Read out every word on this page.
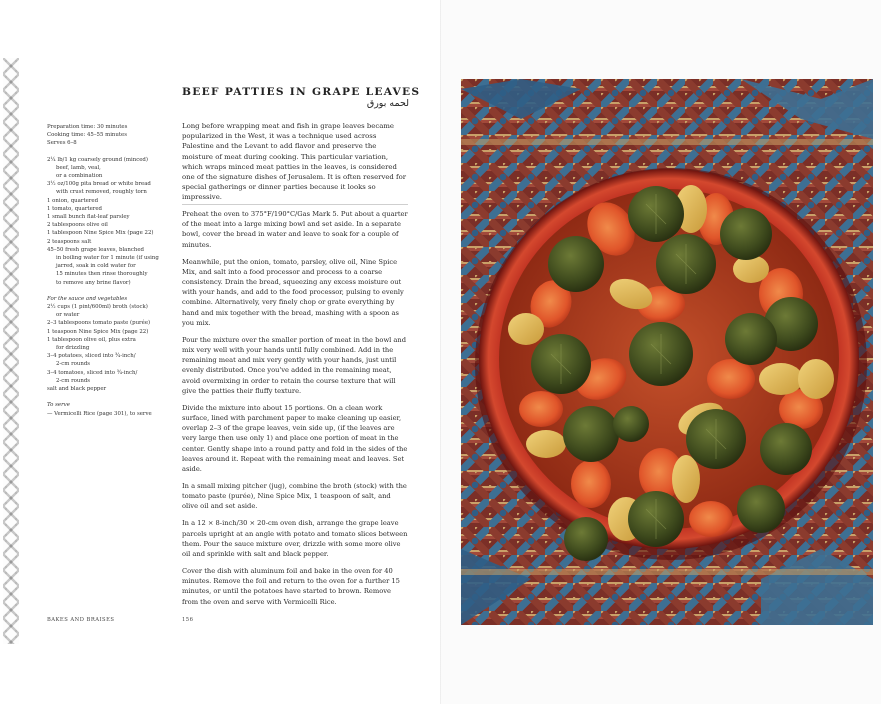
Preparation time: 30 minutes

Cooking time: 45–55 minutes

Serves 6–8

2¼ lb/1 kg coarsely ground (minced)

beef, lamb, veal,

or a combination

3½ oz/100g pita bread or white bread

with crust removed, roughly torn

1 onion, quartered

1 tomato, quartered

1 small bunch flat-leaf parsley

2 tablespoons olive oil

1 tablespoon Nine Spice Mix (page 22)

2 teaspoons salt

45–50 fresh grape leaves, blanched

in boiling water for 1 minute (if using

jarred, soak in cold water for

15 minutes then rinse thoroughly

to remove any brine flavor)

For the sauce and vegetables

2½ cups (1 pint/600ml) broth (stock)

or water

2–3 tablespoons tomato paste (purée)

1 teaspoon Nine Spice Mix (page 22)

1 tablespoon olive oil, plus extra

for drizzling

3–4 potatoes, sliced into ¾-inch/

2-cm rounds

3–4 tomatoes, sliced into ¾-inch/

2-cm rounds

salt and black pepper

To serve

— Vermicelli Rice (page 301), to serve

BEEF PATTIES IN GRAPE LEAVES

لحمه بورق

Long before wrapping meat and fish in grape leaves became popularized in the West, it was a technique used across Palestine and the Levant to add flavor and preserve the moisture of meat during cooking. This particular variation, which wraps minced meat patties in the leaves, is considered one of the signature dishes of Jerusalem. It is often reserved for special gatherings or dinner parties because it looks so impressive.

Preheat the oven to 375°F/190°C/Gas Mark 5. Put about a quarter of the meat into a large mixing bowl and set aside. In a separate bowl, cover the bread in water and leave to soak for a couple of minutes.

Meanwhile, put the onion, tomato, parsley, olive oil, Nine Spice Mix, and salt into a food processor and process to a coarse consistency. Drain the bread, squeezing any excess moisture out with your hands, and add to the food processor, pulsing to evenly combine. Alternatively, very finely chop or grate everything by hand and mix together with the bread, mashing with a spoon as you mix.

Pour the mixture over the smaller portion of meat in the bowl and mix very well with your hands until fully combined. Add in the remaining meat and mix very gently with your hands, just until evenly distributed. Once you've added in the remaining meat, avoid overmixing in order to retain the course texture that will give the patties their fluffy texture.

Divide the mixture into about 15 portions. On a clean work surface, lined with parchment paper to make cleaning up easier, overlap 2–3 of the grape leaves, vein side up, (if the leaves are very large then use only 1) and place one portion of meat in the center. Gently shape into a round patty and fold in the sides of the leaves around it. Repeat with the remaining meat and leaves. Set aside.

In a small mixing pitcher (jug), combine the broth (stock) with the tomato paste (purée), Nine Spice Mix, 1 teaspoon of salt, and olive oil and set aside.

In a 12 × 8-inch/30 × 20-cm oven dish, arrange the grape leave parcels upright at an angle with potato and tomato slices between them. Pour the sauce mixture over, drizzle with some more olive oil and sprinkle with salt and black pepper.

Cover the dish with aluminum foil and bake in the oven for 40 minutes. Remove the foil and return to the oven for a further 15 minutes, or until the potatoes have started to brown. Remove from the oven and serve with Vermicelli Rice.

BAKES AND BRAISES	156
